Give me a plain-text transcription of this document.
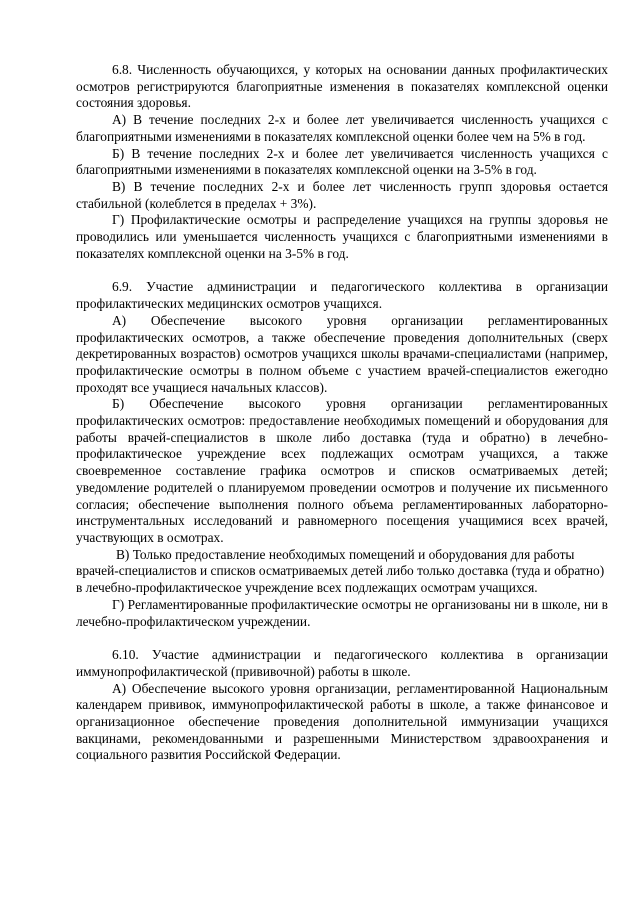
6.8. Численность обучающихся, у которых на основании данных профилактических осмотров регистрируются благоприятные изменения в показателях комплексной оценки состояния здоровья.

А) В течение последних 2-х и более лет увеличивается численность учащихся с благоприятными изменениями в показателях комплексной оценки более чем на 5% в год.

Б) В течение последних 2-х и более лет увеличивается численность учащихся с благоприятными изменениями в показателях комплексной оценки на 3-5% в год.

В) В течение последних 2-х и более лет численность групп здоровья остается стабильной (колеблется в пределах + 3%).

Г) Профилактические осмотры и распределение учащихся на группы здоровья не проводились или уменьшается численность учащихся с благоприятными изменениями в показателях комплексной оценки на 3-5% в год.

6.9. Участие администрации и педагогического коллектива в организации профилактических медицинских осмотров учащихся.

А) Обеспечение высокого уровня организации регламентированных профилактических осмотров, а также обеспечение проведения дополнительных (сверх декретированных возрастов) осмотров учащихся школы врачами-специалистами (например, профилактические осмотры в полном объеме с участием врачей-специалистов ежегодно проходят все учащиеся начальных классов).

Б) Обеспечение высокого уровня организации регламентированных профилактических осмотров: предоставление необходимых помещений и оборудования для работы врачей-специалистов в школе либо доставка (туда и обратно) в лечебно-профилактическое учреждение всех подлежащих осмотрам учащихся, а также своевременное составление графика осмотров и списков осматриваемых детей; уведомление родителей о планируемом проведении осмотров и получение их письменного согласия; обеспечение выполнения полного объема регламентированных лабораторно-инструментальных исследований и равномерного посещения учащимися всех врачей, участвующих в осмотрах.

В) Только предоставление необходимых помещений и оборудования для работы врачей-специалистов и списков осматриваемых детей либо только доставка (туда и обратно) в лечебно-профилактическое учреждение всех подлежащих осмотрам учащихся.

Г) Регламентированные профилактические осмотры не организованы ни в школе, ни в лечебно-профилактическом учреждении.

6.10. Участие администрации и педагогического коллектива в организации иммунопрофилактической (прививочной) работы в школе.

А) Обеспечение высокого уровня организации, регламентированной Национальным календарем прививок, иммунопрофилактической работы в школе, а также финансовое и организационное обеспечение проведения дополнительной иммунизации учащихся вакцинами, рекомендованными и разрешенными Министерством здравоохранения и социального развития Российской Федерации.
